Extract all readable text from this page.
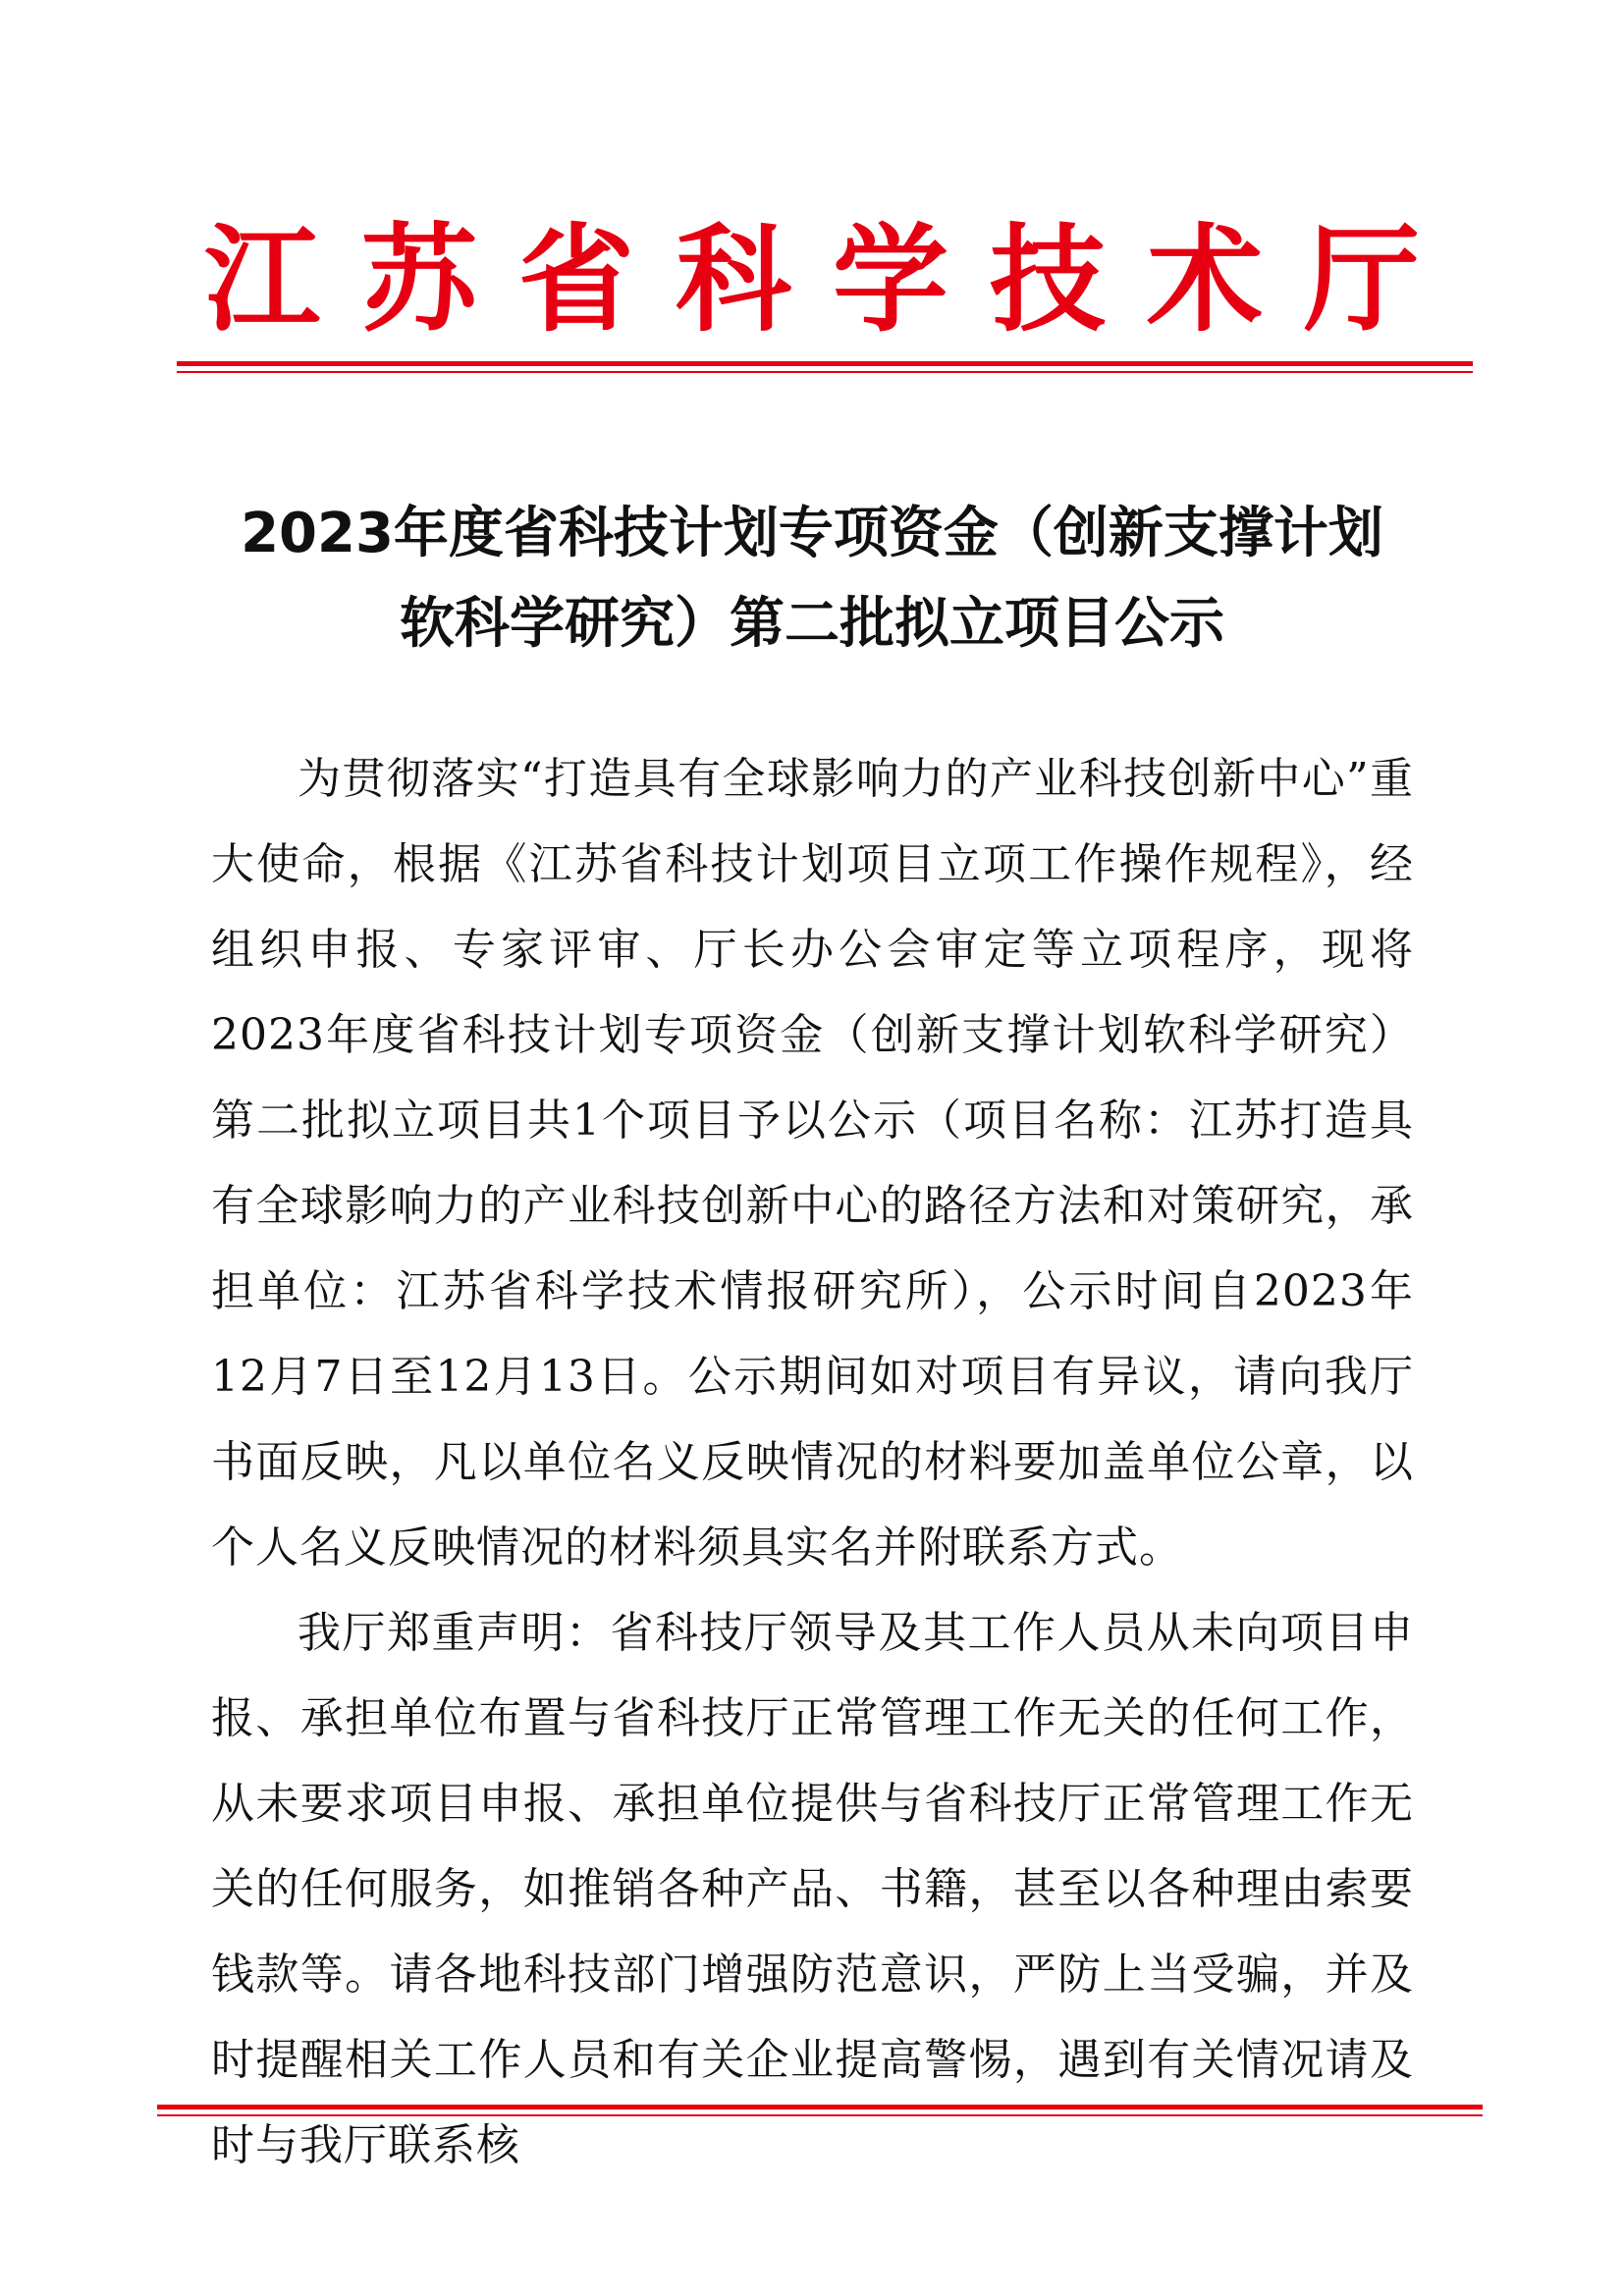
江苏省科学技术厅
2023年度省科技计划专项资金（创新支撑计划
软科学研究）第二批拟立项目公示

为贯彻落实“打造具有全球影响力的产业科技创新中心”重大使命，根据《江苏省科技计划项目立项工作操作规程》，经组织申报、专家评审、厅长办公会审定等立项程序，现将2023年度省科技计划专项资金（创新支撑计划软科学研究）第二批拟立项目共1个项目予以公示（项目名称：江苏打造具有全球影响力的产业科技创新中心的路径方法和对策研究，承担单位：江苏省科学技术情报研究所），公示时间自2023年12月7日至12月13日。公示期间如对项目有异议，请向我厅书面反映，凡以单位名义反映情况的材料要加盖单位公章，以个人名义反映情况的材料须具实名并附联系方式。

我厅郑重声明：省科技厅领导及其工作人员从未向项目申报、承担单位布置与省科技厅正常管理工作无关的任何工作，从未要求项目申报、承担单位提供与省科技厅正常管理工作无关的任何服务，如推销各种产品、书籍，甚至以各种理由索要钱款等。请各地科技部门增强防范意识，严防上当受骗，并及时提醒相关工作人员和有关企业提高警惕，遇到有关情况请及时与我厅联系核
